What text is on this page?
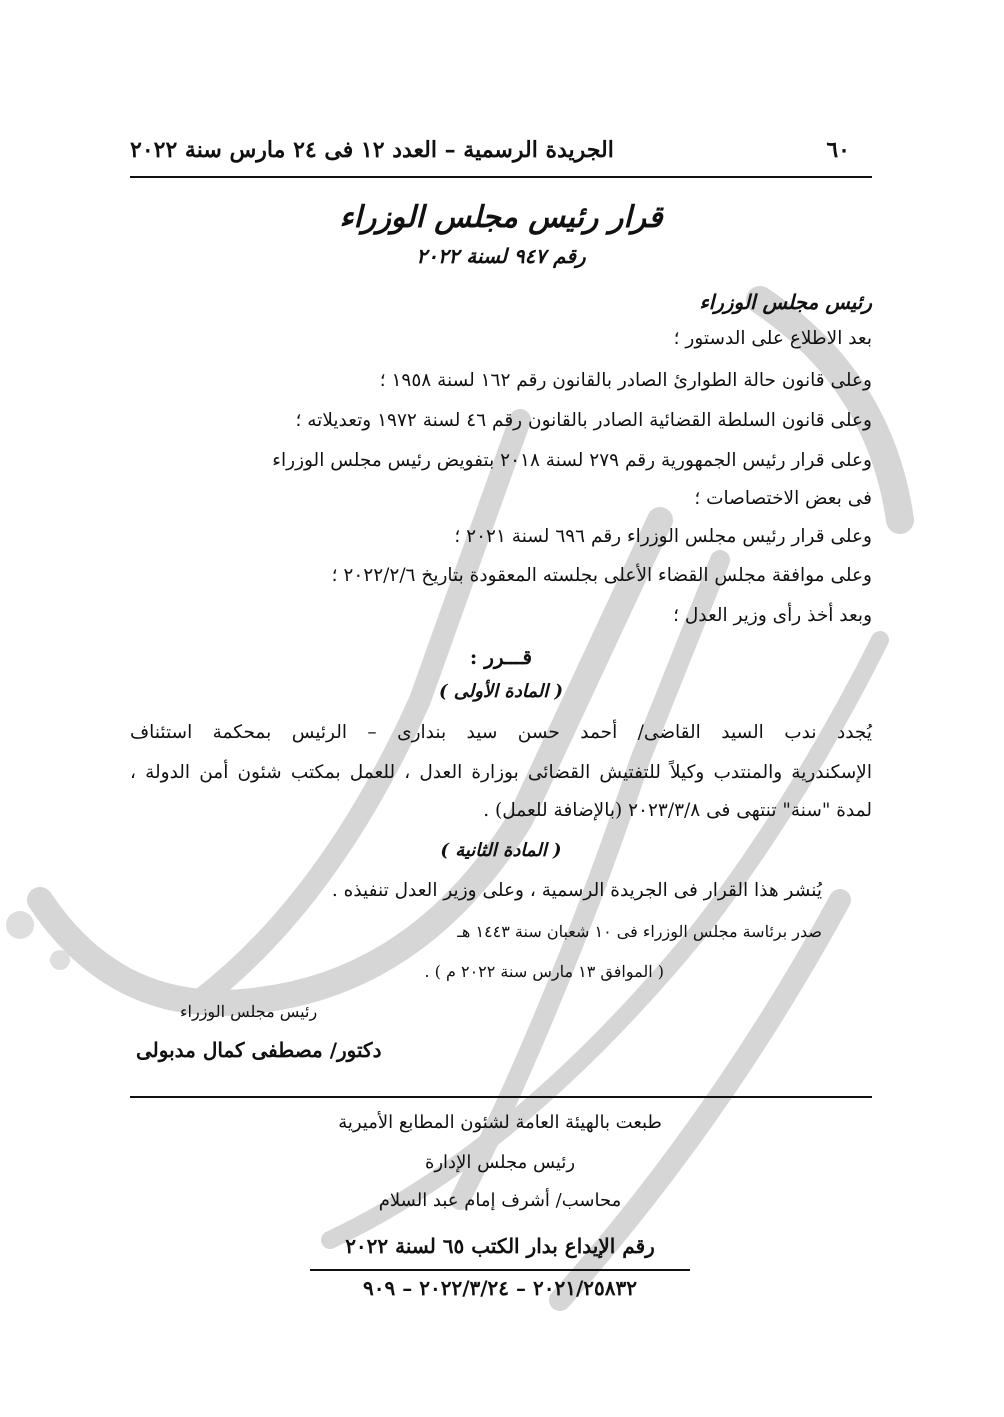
٦٠
الجريدة الرسمية – العدد ١٢ فى ٢٤ مارس سنة ٢٠٢٢
قرار رئيس مجلس الوزراء
رقم ٩٤٧ لسنة ٢٠٢٢
رئيس مجلس الوزراء
بعد الاطلاع على الدستور ؛
وعلى قانون حالة الطوارئ الصادر بالقانون رقم ١٦٢ لسنة ١٩٥٨ ؛
وعلى قانون السلطة القضائية الصادر بالقانون رقم ٤٦ لسنة ١٩٧٢ وتعديلاته ؛
وعلى قرار رئيس الجمهورية رقم ٢٧٩ لسنة ٢٠١٨ بتفويض رئيس مجلس الوزراء
فى بعض الاختصاصات ؛
وعلى قرار رئيس مجلس الوزراء رقم ٦٩٦ لسنة ٢٠٢١ ؛
وعلى موافقة مجلس القضاء الأعلى بجلسته المعقودة بتاريخ ٢٠٢٢/٢/٦ ؛
وبعد أخذ رأى وزير العدل ؛
قـــرر :
( المادة الأولى )
يُجدد ندب السيد القاضى/ أحمد حسن سيد بندارى – الرئيس بمحكمة استئناف
الإسكندرية والمنتدب وكيلاً للتفتيش القضائى بوزارة العدل ، للعمل بمكتب شئون أمن الدولة ،
لمدة "سنة" تنتهى فى ٢٠٢٣/٣/٨ (بالإضافة للعمل) .
( المادة الثانية )
يُنشر هذا القرار فى الجريدة الرسمية ، وعلى وزير العدل تنفيذه .
صدر برئاسة مجلس الوزراء فى ١٠ شعبان سنة ١٤٤٣ هـ
( الموافق ١٣ مارس سنة ٢٠٢٢ م ) .
رئيس مجلس الوزراء
دكتور/ مصطفى كمال مدبولى
طبعت بالهيئة العامة لشئون المطابع الأميرية
رئيس مجلس الإدارة
محاسب/ أشرف إمام عبد السلام
رقم الإيداع بدار الكتب ٦٥ لسنة ٢٠٢٢
٢٠٢١/٢٥٨٣٢ – ٢٠٢٢/٣/٢٤ – ٩٠٩
